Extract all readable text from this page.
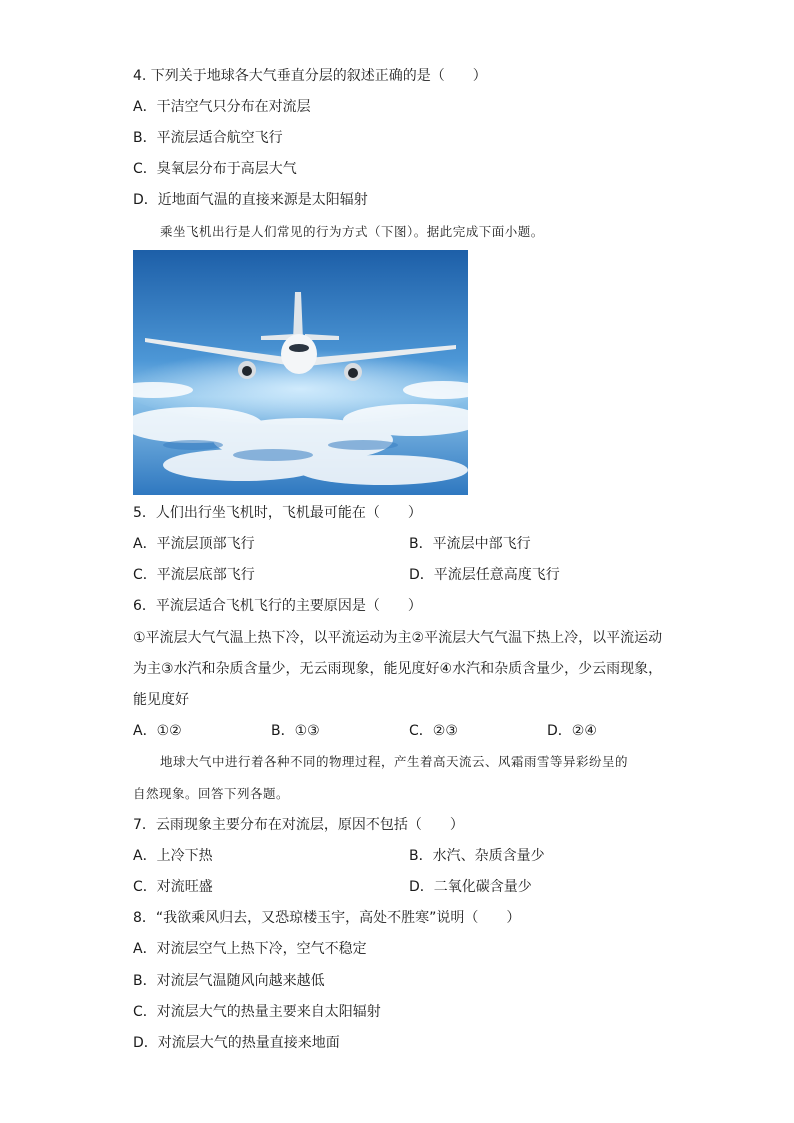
4. 下列关于地球各大气垂直分层的叙述正确的是（　　）
A．干洁空气只分布在对流层
B．平流层适合航空飞行
C．臭氧层分布于高层大气
D．近地面气温的直接来源是太阳辐射
乘坐飞机出行是人们常见的行为方式（下图）。据此完成下面小题。
5．人们出行坐飞机时，飞机最可能在（　　）
A．平流层顶部飞行	B．平流层中部飞行
C．平流层底部飞行	D．平流层任意高度飞行
6．平流层适合飞机飞行的主要原因是（　　）
①平流层大气气温上热下冷，以平流运动为主②平流层大气气温下热上冷，以平流运动
为主③水汽和杂质含量少，无云雨现象，能见度好④水汽和杂质含量少，少云雨现象，
能见度好
A．①②	B．①③	C．②③	D．②④
地球大气中进行着各种不同的物理过程，产生着高天流云、风霜雨雪等异彩纷呈的
自然现象。回答下列各题。
7．云雨现象主要分布在对流层，原因不包括（　　）
A．上冷下热	B．水汽、杂质含量少
C．对流旺盛	D．二氧化碳含量少
8．“我欲乘风归去，又恐琼楼玉宇，高处不胜寒”说明（　　）
A．对流层空气上热下冷，空气不稳定
B．对流层气温随风向越来越低
C．对流层大气的热量主要来自太阳辐射
D．对流层大气的热量直接来地面
